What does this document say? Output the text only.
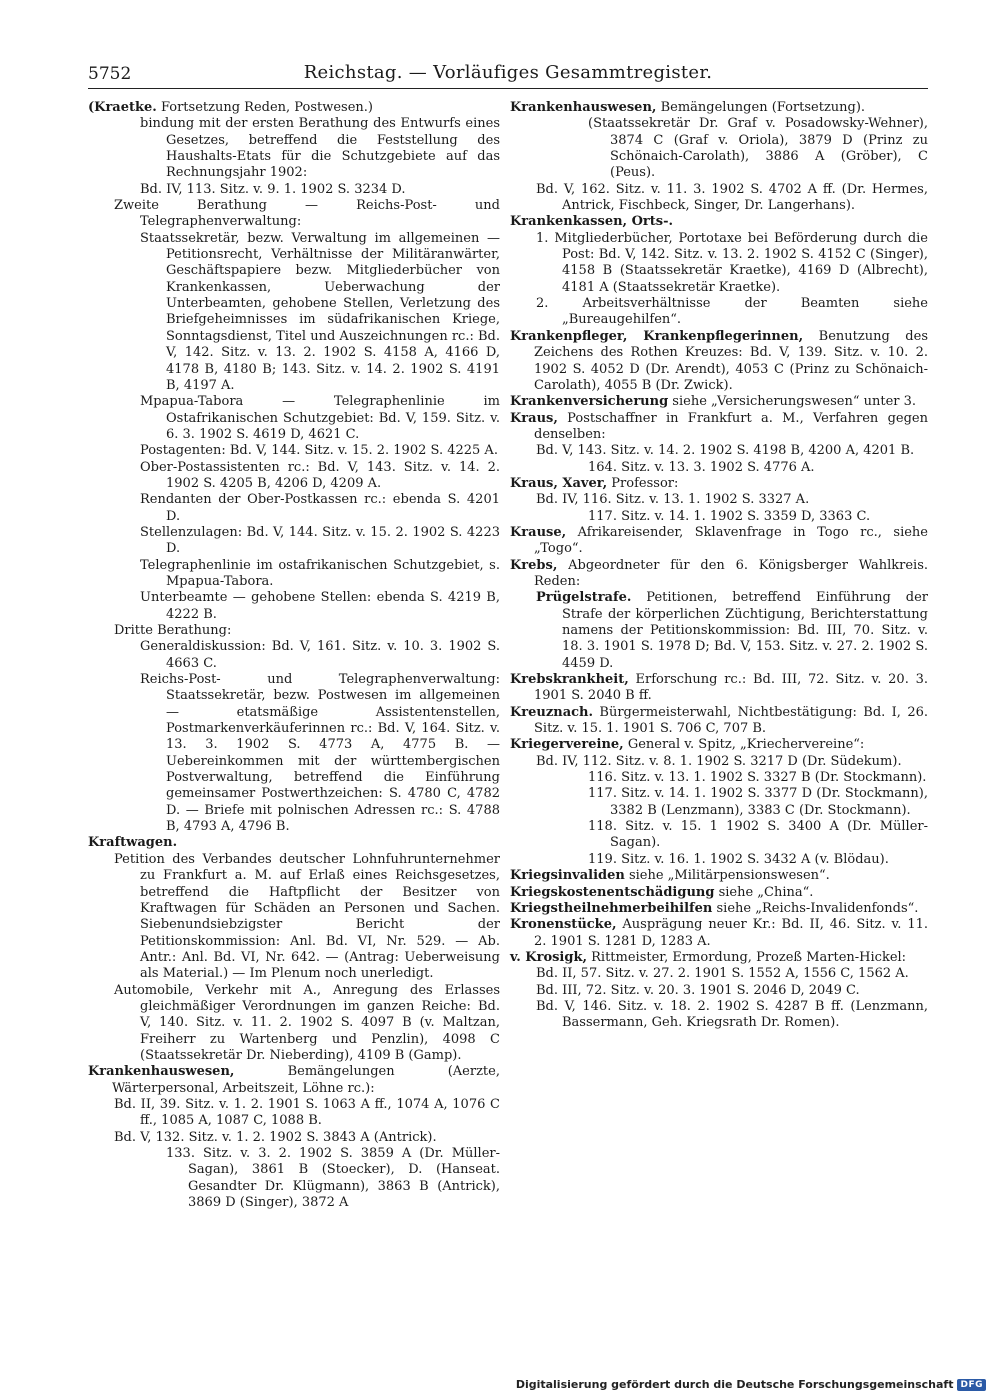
5752	Reichstag. — Vorläufiges Gesammtregister.

(Kraetke. Fortsetzung Reden, Postwesen.)

bindung mit der ersten Berathung des Entwurfs eines Gesetzes, betreffend die Feststellung des Haushalts-Etats für die Schutzgebiete auf das Rechnungsjahr 1902:

Bd. IV, 113. Sitz. v. 9. 1. 1902 S. 3234 D.

Zweite Berathung — Reichs-Post- und Telegraphenverwaltung:

Staatssekretär, bezw. Verwaltung im allgemeinen — Petitionsrecht, Verhältnisse der Militäranwärter, Geschäftspapiere bezw. Mitgliederbücher von Krankenkassen, Ueberwachung der Unterbeamten, gehobene Stellen, Verletzung des Briefgeheimnisses im südafrikanischen Kriege, Sonntagsdienst, Titel und Auszeichnungen rc.: Bd. V, 142. Sitz. v. 13. 2. 1902 S. 4158 A, 4166 D, 4178 B, 4180 B; 143. Sitz. v. 14. 2. 1902 S. 4191 B, 4197 A.

Mpapua-Tabora — Telegraphenlinie im Ostafrikanischen Schutzgebiet: Bd. V, 159. Sitz. v. 6. 3. 1902 S. 4619 D, 4621 C.

Postagenten: Bd. V, 144. Sitz. v. 15. 2. 1902 S. 4225 A.

Ober-Postassistenten rc.: Bd. V, 143. Sitz. v. 14. 2. 1902 S. 4205 B, 4206 D, 4209 A.

Rendanten der Ober-Postkassen rc.: ebenda S. 4201 D.

Stellenzulagen: Bd. V, 144. Sitz. v. 15. 2. 1902 S. 4223 D.

Telegraphenlinie im ostafrikanischen Schutzgebiet, s. Mpapua-Tabora.

Unterbeamte — gehobene Stellen: ebenda S. 4219 B, 4222 B.

Dritte Berathung:

Generaldiskussion: Bd. V, 161. Sitz. v. 10. 3. 1902 S. 4663 C.

Reichs-Post- und Telegraphenverwaltung: Staatssekretär, bezw. Postwesen im allgemeinen — etatsmäßige Assistentenstellen, Postmarkenverkäuferinnen rc.: Bd. V, 164. Sitz. v. 13. 3. 1902 S. 4773 A, 4775 B. — Uebereinkommen mit der württembergischen Postverwaltung, betreffend die Einführung gemeinsamer Postwerthzeichen: S. 4780 C, 4782 D. — Briefe mit polnischen Adressen rc.: S. 4788 B, 4793 A, 4796 B.

Kraftwagen.

Petition des Verbandes deutscher Lohnfuhrunternehmer zu Frankfurt a. M. auf Erlaß eines Reichsgesetzes, betreffend die Haftpflicht der Besitzer von Kraftwagen für Schäden an Personen und Sachen. Siebenundsiebzigster Bericht der Petitionskommission: Anl. Bd. VI, Nr. 529. — Ab. Antr.: Anl. Bd. VI, Nr. 642. — (Antrag: Ueberweisung als Material.) — Im Plenum noch unerledigt.

Automobile, Verkehr mit A., Anregung des Erlasses gleichmäßiger Verordnungen im ganzen Reiche: Bd. V, 140. Sitz. v. 11. 2. 1902 S. 4097 B (v. Maltzan, Freiherr zu Wartenberg und Penzlin), 4098 C (Staatssekretär Dr. Nieberding), 4109 B (Gamp).

Krankenhauswesen, Bemängelungen (Aerzte, Wärterpersonal, Arbeitszeit, Löhne rc.):

Bd. II, 39. Sitz. v. 1. 2. 1901 S. 1063 A ff., 1074 A, 1076 C ff., 1085 A, 1087 C, 1088 B.

Bd. V, 132. Sitz. v. 1. 2. 1902 S. 3843 A (Antrick).

133. Sitz. v. 3. 2. 1902 S. 3859 A (Dr. Müller-Sagan), 3861 B (Stoecker), D. (Hanseat. Gesandter Dr. Klügmann), 3863 B (Antrick), 3869 D (Singer), 3872 A

Krankenhauswesen, Bemängelungen (Fortsetzung).

(Staatssekretär Dr. Graf v. Posadowsky-Wehner), 3874 C (Graf v. Oriola), 3879 D (Prinz zu Schönaich-Carolath), 3886 A (Gröber), C (Peus).

Bd. V, 162. Sitz. v. 11. 3. 1902 S. 4702 A ff. (Dr. Hermes, Antrick, Fischbeck, Singer, Dr. Langerhans).

Krankenkassen, Orts-.

1. Mitgliederbücher, Portotaxe bei Beförderung durch die Post: Bd. V, 142. Sitz. v. 13. 2. 1902 S. 4152 C (Singer), 4158 B (Staatssekretär Kraetke), 4169 D (Albrecht), 4181 A (Staatssekretär Kraetke).

2. Arbeitsverhältnisse der Beamten siehe „Bureaugehilfen“.

Krankenpfleger, Krankenpflegerinnen, Benutzung des Zeichens des Rothen Kreuzes: Bd. V, 139. Sitz. v. 10. 2. 1902 S. 4052 D (Dr. Arendt), 4053 C (Prinz zu Schönaich-Carolath), 4055 B (Dr. Zwick).

Krankenversicherung siehe „Versicherungswesen“ unter 3.

Kraus, Postschaffner in Frankfurt a. M., Verfahren gegen denselben:

Bd. V, 143. Sitz. v. 14. 2. 1902 S. 4198 B, 4200 A, 4201 B.

164. Sitz. v. 13. 3. 1902 S. 4776 A.

Kraus, Xaver, Professor:

Bd. IV, 116. Sitz. v. 13. 1. 1902 S. 3327 A.

117. Sitz. v. 14. 1. 1902 S. 3359 D, 3363 C.

Krause, Afrikareisender, Sklavenfrage in Togo rc., siehe „Togo“.

Krebs, Abgeordneter für den 6. Königsberger Wahlkreis. Reden:

Prügelstrafe. Petitionen, betreffend Einführung der Strafe der körperlichen Züchtigung, Berichterstattung namens der Petitionskommission: Bd. III, 70. Sitz. v. 18. 3. 1901 S. 1978 D; Bd. V, 153. Sitz. v. 27. 2. 1902 S. 4459 D.

Krebskrankheit, Erforschung rc.: Bd. III, 72. Sitz. v. 20. 3. 1901 S. 2040 B ff.

Kreuznach. Bürgermeisterwahl, Nichtbestätigung: Bd. I, 26. Sitz. v. 15. 1. 1901 S. 706 C, 707 B.

Kriegervereine, General v. Spitz, „Kriechervereine“:

Bd. IV, 112. Sitz. v. 8. 1. 1902 S. 3217 D (Dr. Südekum).

116. Sitz. v. 13. 1. 1902 S. 3327 B (Dr. Stockmann).

117. Sitz. v. 14. 1. 1902 S. 3377 D (Dr. Stockmann), 3382 B (Lenzmann), 3383 C (Dr. Stockmann).

118. Sitz. v. 15. 1 1902 S. 3400 A (Dr. Müller-Sagan).

119. Sitz. v. 16. 1. 1902 S. 3432 A (v. Blödau).

Kriegsinvaliden siehe „Militärpensionswesen“.

Kriegskostenentschädigung siehe „China“.

Kriegstheilnehmerbeihilfen siehe „Reichs-Invalidenfonds“.

Kronenstücke, Ausprägung neuer Kr.: Bd. II, 46. Sitz. v. 11. 2. 1901 S. 1281 D, 1283 A.

v. Krosigk, Rittmeister, Ermordung, Prozeß Marten-Hickel:

Bd. II, 57. Sitz. v. 27. 2. 1901 S. 1552 A, 1556 C, 1562 A.

Bd. III, 72. Sitz. v. 20. 3. 1901 S. 2046 D, 2049 C.

Bd. V, 146. Sitz. v. 18. 2. 1902 S. 4287 B ff. (Lenzmann, Bassermann, Geh. Kriegsrath Dr. Romen).

Digitalisierung gefördert durch die Deutsche Forschungsgemeinschaft DFG
